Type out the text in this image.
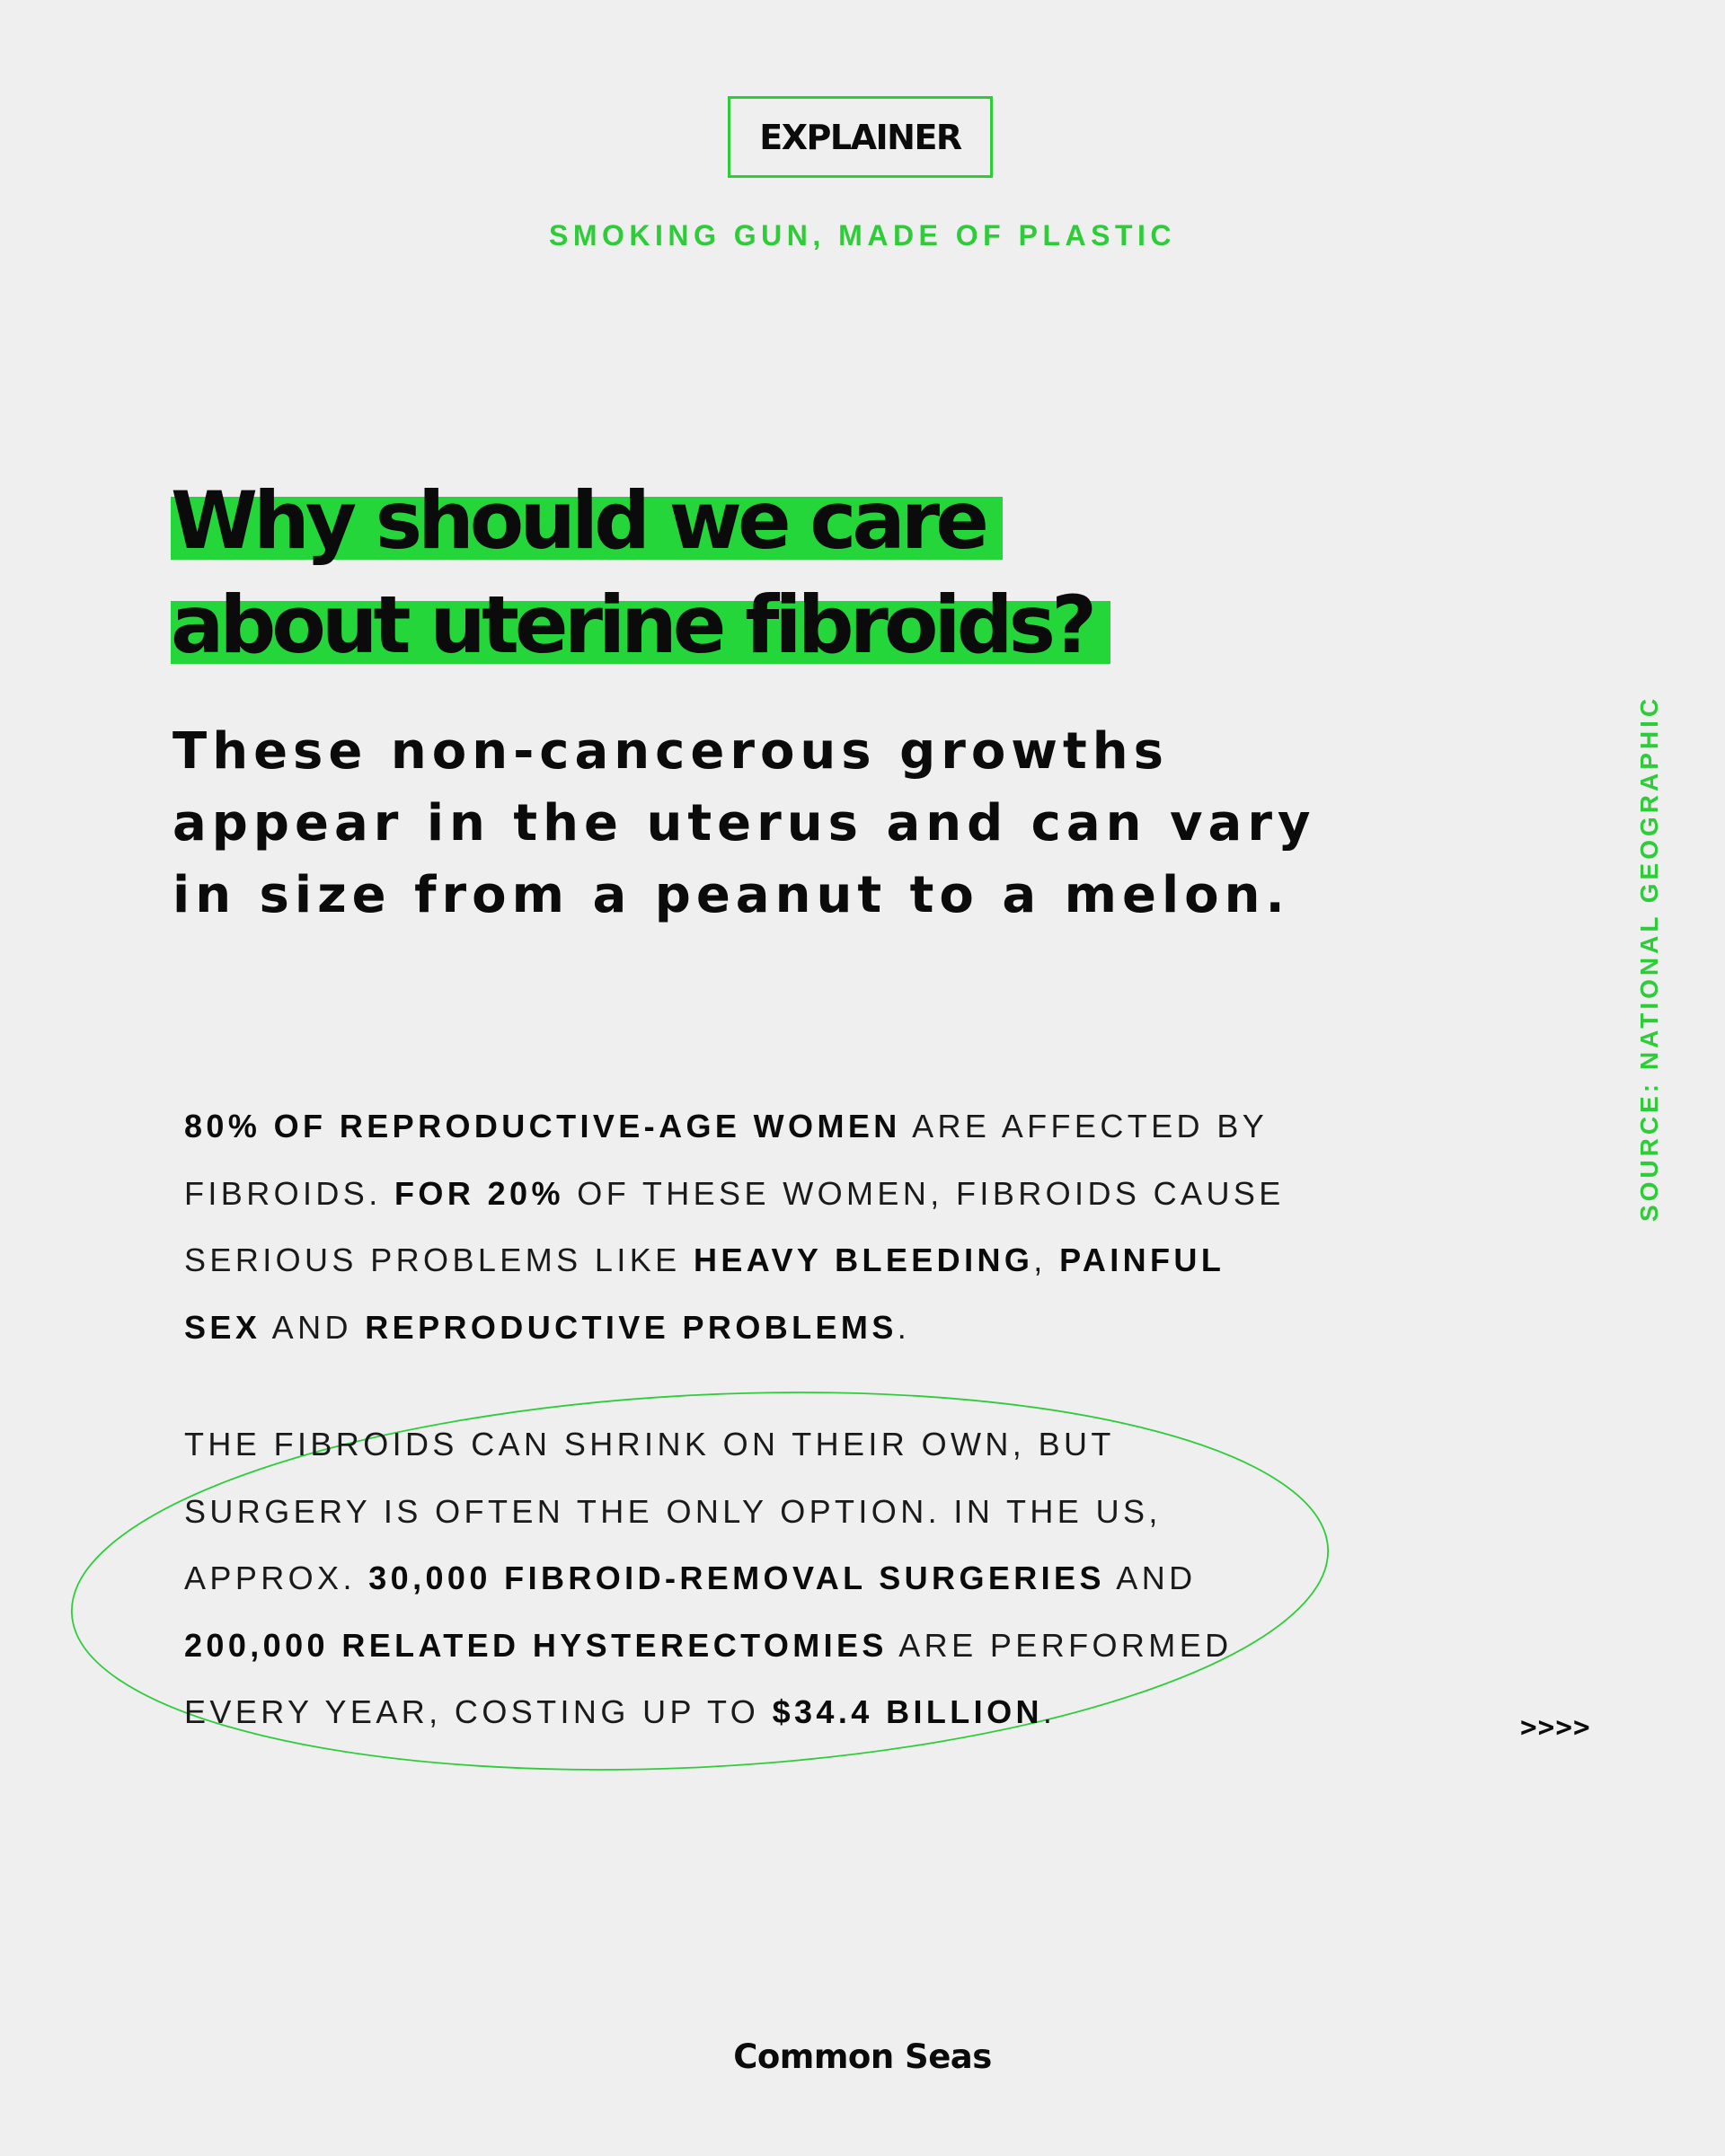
EXPLAINER
SMOKING GUN, MADE OF PLASTIC
Why should we care
about uterine fibroids?

These non-cancerous growths
appear in the uterus and can vary
in size from a peanut to a melon.

80% OF REPRODUCTIVE-AGE WOMEN ARE AFFECTED BY
FIBROIDS. FOR 20% OF THESE WOMEN, FIBROIDS CAUSE
SERIOUS PROBLEMS LIKE HEAVY BLEEDING, PAINFUL
SEX AND REPRODUCTIVE PROBLEMS.

THE FIBROIDS CAN SHRINK ON THEIR OWN, BUT
SURGERY IS OFTEN THE ONLY OPTION. IN THE US,
APPROX. 30,000 FIBROID-REMOVAL SURGERIES AND
200,000 RELATED HYSTERECTOMIES ARE PERFORMED
EVERY YEAR, COSTING UP TO $34.4 BILLION.

SOURCE: NATIONAL GEOGRAPHIC
>>>>
Common Seas
